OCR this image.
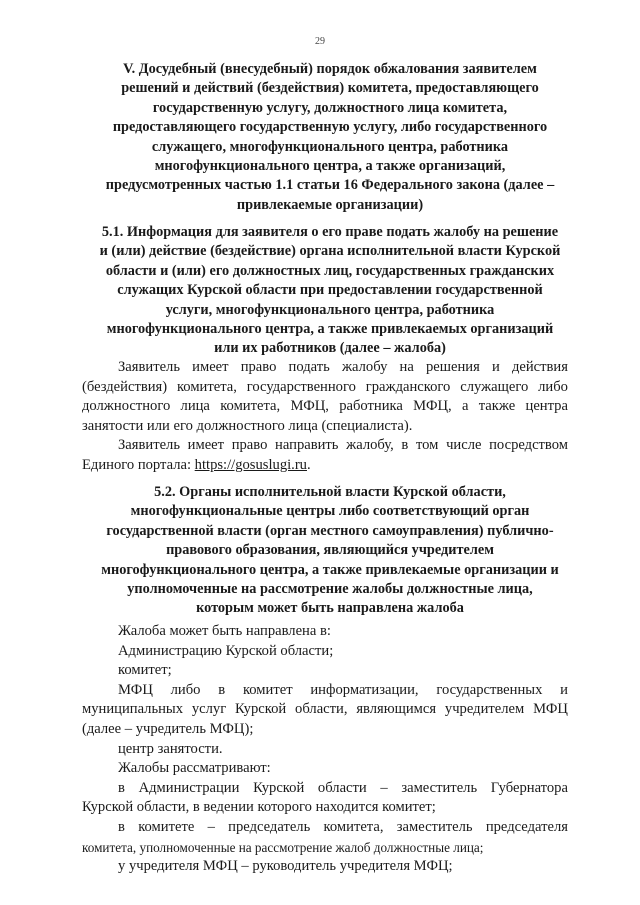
29
V. Досудебный (внесудебный) порядок обжалования заявителем
решений и действий (бездействия) комитета, предоставляющего
государственную услугу, должностного лица комитета,
предоставляющего государственную услугу, либо государственного
служащего, многофункционального центра, работника
многофункционального центра, а также организаций,
предусмотренных частью 1.1 статьи 16 Федерального закона (далее –
привлекаемые организации)
5.1. Информация для заявителя о его праве подать жалобу на решение
и (или) действие (бездействие) органа исполнительной власти Курской
области и (или) его должностных лиц, государственных гражданских
служащих Курской области при предоставлении государственной
услуги, многофункционального центра, работника
многофункционального центра, а также привлекаемых организаций
или их работников (далее – жалоба)
Заявитель имеет право подать жалобу на решения и действия
(бездействия) комитета, государственного гражданского служащего либо
должностного лица комитета, МФЦ, работника МФЦ, а также центра
занятости или его должностного лица (специалиста).
Заявитель имеет право направить жалобу, в том числе посредством
Единого портала: https://gosuslugi.ru.
5.2. Органы исполнительной власти Курской области,
многофункциональные центры либо соответствующий орган
государственной власти (орган местного самоуправления) публично-
правового образования, являющийся учредителем
многофункционального центра, а также привлекаемые организации и
уполномоченные на рассмотрение жалобы должностные лица,
которым может быть направлена жалоба
Жалоба может быть направлена в:
Администрацию Курской области;
комитет;
МФЦ либо в комитет информатизации, государственных и
муниципальных услуг Курской области, являющимся учредителем МФЦ
(далее – учредитель МФЦ);
центр занятости.
Жалобы рассматривают:
в Администрации Курской области – заместитель Губернатора
Курской области, в ведении которого находится комитет;
в комитете – председатель комитета, заместитель председателя
комитета, уполномоченные на рассмотрение жалоб должностные лица;
у учредителя МФЦ – руководитель учредителя МФЦ;
